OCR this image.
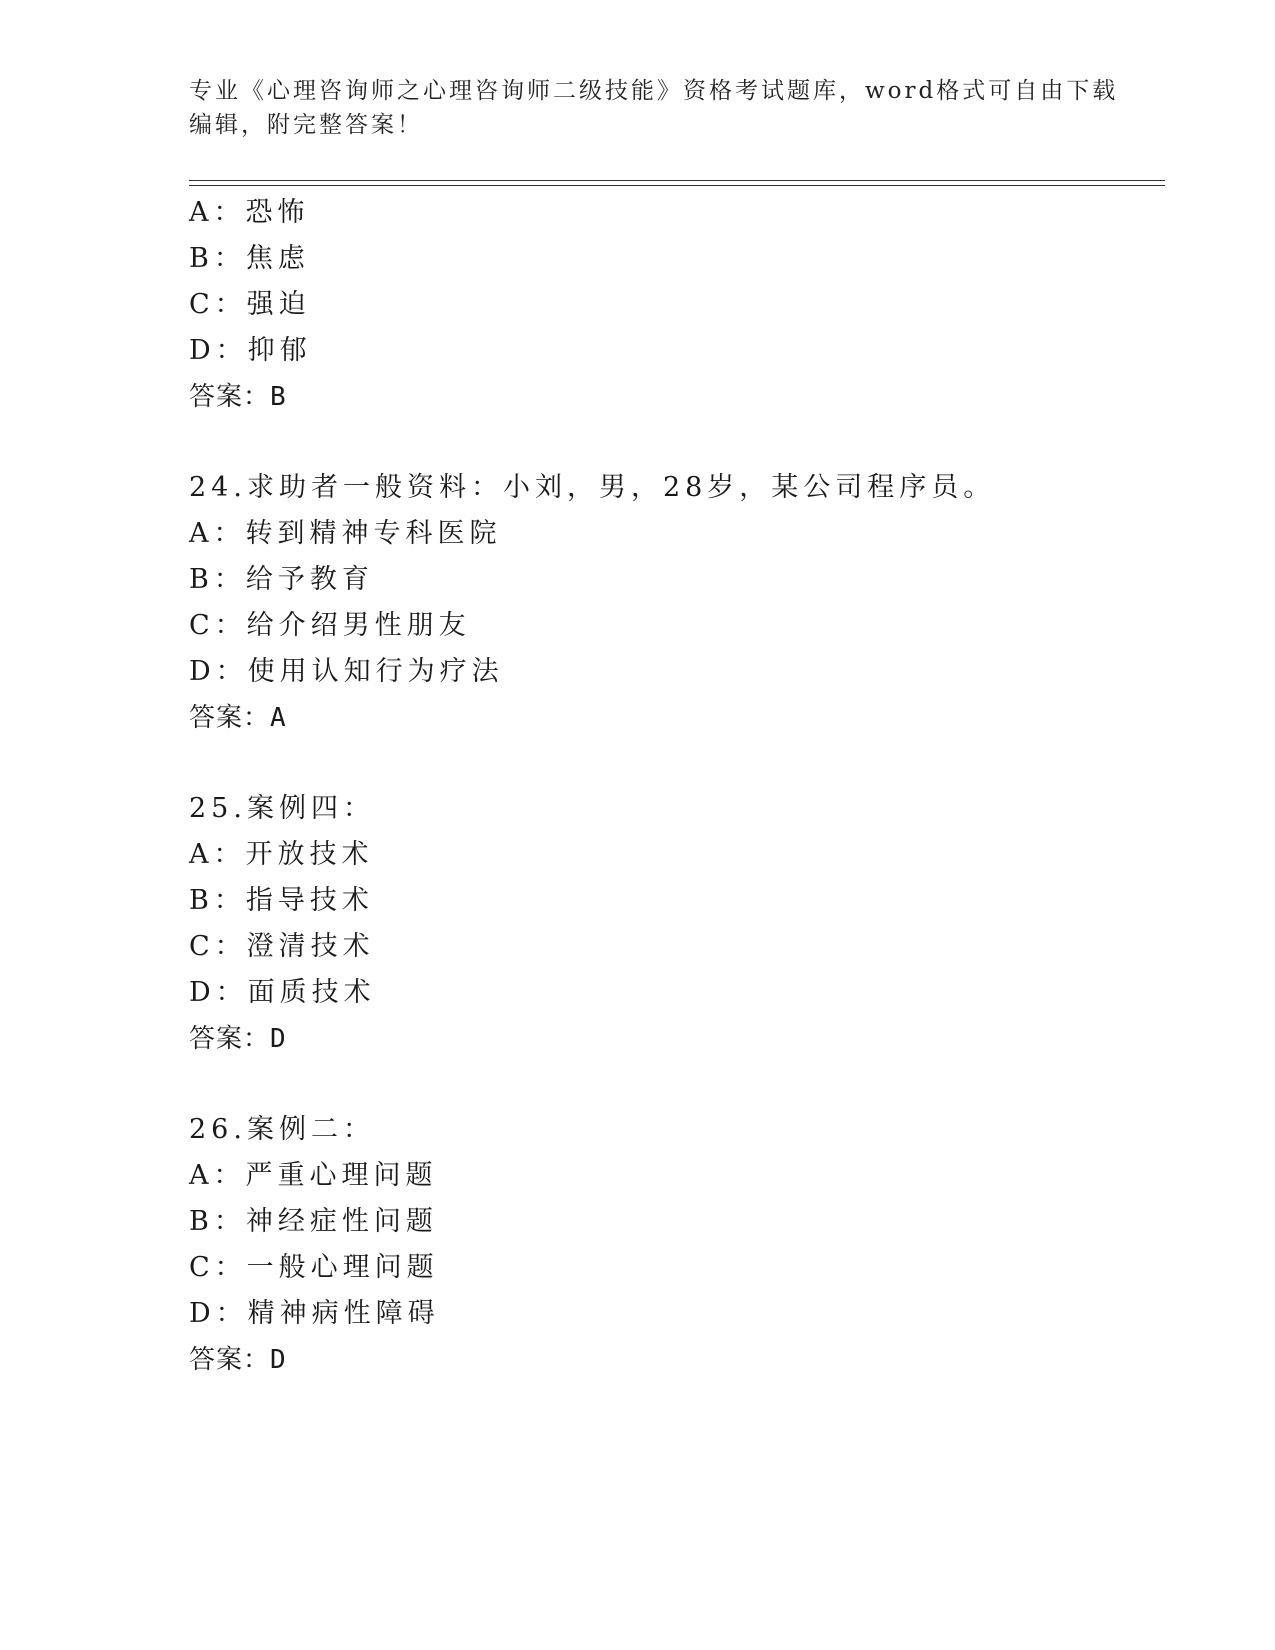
专业《心理咨询师之心理咨询师二级技能》资格考试题库，word格式可自由下载
编辑，附完整答案！
A：恐怖
B：焦虑
C：强迫
D：抑郁
答案：B
24.求助者一般资料：小刘，男，28岁，某公司程序员。
A：转到精神专科医院
B：给予教育
C：给介绍男性朋友
D：使用认知行为疗法
答案：A
25.案例四：
A：开放技术
B：指导技术
C：澄清技术
D：面质技术
答案：D
26.案例二：
A：严重心理问题
B：神经症性问题
C：一般心理问题
D：精神病性障碍
答案：D
